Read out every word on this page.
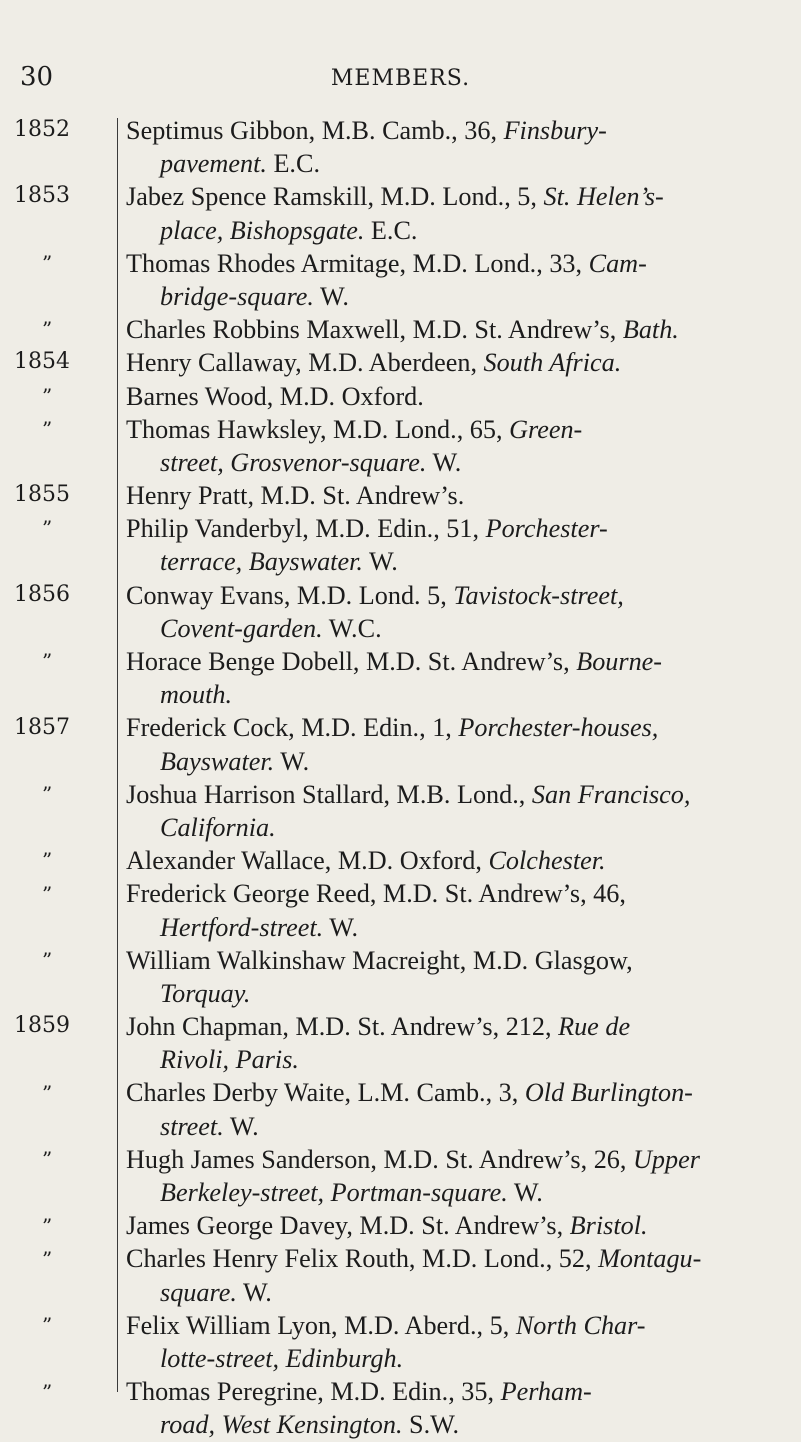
30	MEMBERS.
1852
1853
”
”
1854
”
”
1855
”
1856
”
1857
”
”
”
”
1859
”
”
”
”
”
”
Septimus Gibbon, M.B. Camb., 36, Finsbury-
pavement. E.C.
Jabez Spence Ramskill, M.D. Lond., 5, St. Helen’s-
place, Bishopsgate. E.C.
Thomas Rhodes Armitage, M.D. Lond., 33, Cam-
bridge-square. W.
Charles Robbins Maxwell, M.D. St. Andrew’s, Bath.
Henry Callaway, M.D. Aberdeen, South Africa.
Barnes Wood, M.D. Oxford.
Thomas Hawksley, M.D. Lond., 65, Green-
street, Grosvenor-square. W.
Henry Pratt, M.D. St. Andrew’s.
Philip Vanderbyl, M.D. Edin., 51, Porchester-
terrace, Bayswater. W.
Conway Evans, M.D. Lond. 5, Tavistock-street,
Covent-garden. W.C.
Horace Benge Dobell, M.D. St. Andrew’s, Bourne-
mouth.
Frederick Cock, M.D. Edin., 1, Porchester-houses,
Bayswater. W.
Joshua Harrison Stallard, M.B. Lond., San Francisco,
California.
Alexander Wallace, M.D. Oxford, Colchester.
Frederick George Reed, M.D. St. Andrew’s, 46,
Hertford-street. W.
William Walkinshaw Macreight, M.D. Glasgow,
Torquay.
John Chapman, M.D. St. Andrew’s, 212, Rue de
Rivoli, Paris.
Charles Derby Waite, L.M. Camb., 3, Old Burlington-
street. W.
Hugh James Sanderson, M.D. St. Andrew’s, 26, Upper
Berkeley-street, Portman-square. W.
James George Davey, M.D. St. Andrew’s, Bristol.
Charles Henry Felix Routh, M.D. Lond., 52, Montagu-
square. W.
Felix William Lyon, M.D. Aberd., 5, North Char-
lotte-street, Edinburgh.
Thomas Peregrine, M.D. Edin., 35, Perham-
road, West Kensington. S.W.
